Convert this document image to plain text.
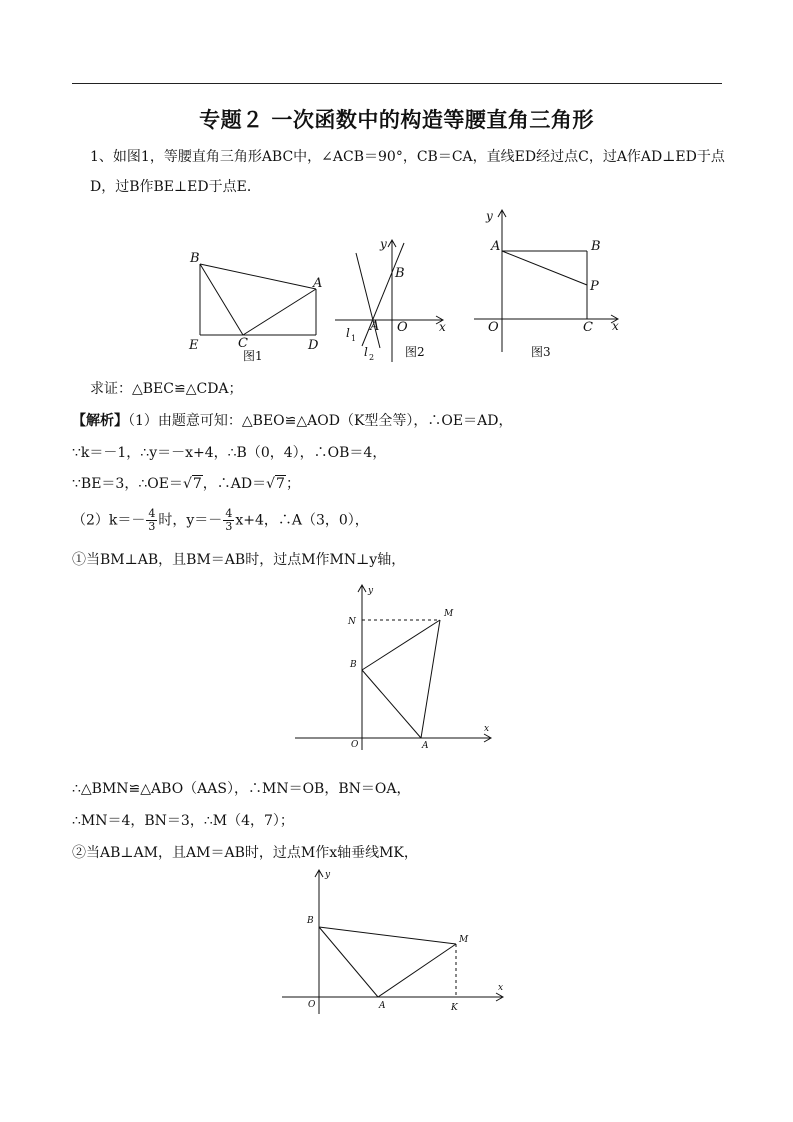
专题２ 一次函数中的构造等腰直角三角形
1、如图1，等腰直角三角形ABC中，∠ACB＝90°，CB＝CA，直线ED经过点C，过A作AD⊥ED于点
D，过B作BE⊥ED于点E．
B
A
E	C	D
图1
y
B
A O	x
l 1
l 2	图2
y
A	B
P
O	C x
图3
求证：△BEC≌△CDA；
【解析】（1）由题意可知：△BEO≌△AOD（K型全等），∴OE＝AD，
∵k＝－1，∴y＝－x+4，∴B（0，4），∴OB＝4，
∵BE＝3，∴OE＝√7，∴AD＝√7；
$(2)k=- \frac{4}{3}$ 时，$y=- \frac{4}{3} x+4$，∴A（3，0），
①当BM⊥AB，且BM＝AB时，过点M作MN⊥y轴，
y
N
M
B
O	A
x
∴△BMN≌△ABO（AAS），∴MN＝OB，BN＝OA，
∴MN＝4，BN＝3，∴M（4，7）；
②当AB⊥AM，且AM＝AB时，过点M作x轴垂线MK，
y
B
M
O	A	K
x
